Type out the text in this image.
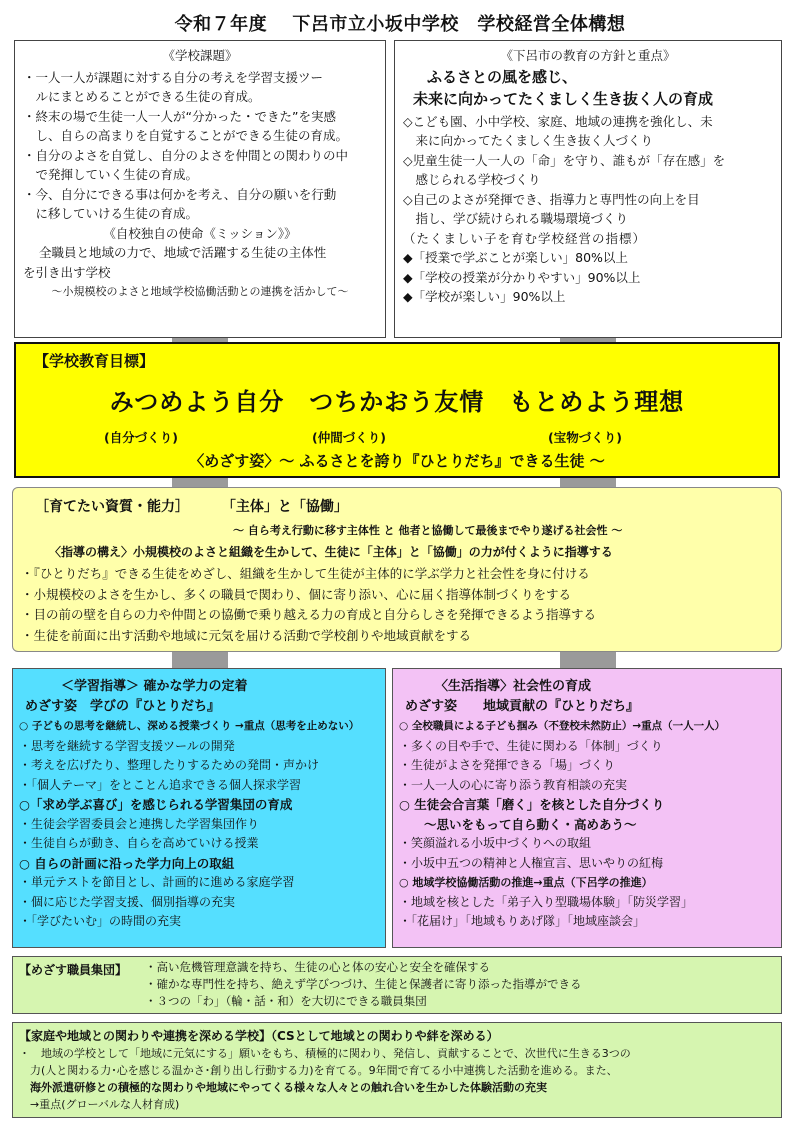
令和７年度　 下呂市立小坂中学校　学校経営全体構想
《学校課題》
・一人一人が課題に対する自分の考えを学習支援ツー
　ルにまとめることができる生徒の育成。
・終末の場で生徒一人一人が“分かった・できた”を実感
　し、自らの高まりを自覚することができる生徒の育成。
・自分のよさを自覚し、自分のよさを仲間との関わりの中
　で発揮していく生徒の育成。
・今、自分にできる事は何かを考え、自分の願いを行動
　に移していける生徒の育成。
《自校独自の使命《ミッション》》
全職員と地域の力で、地域で活躍する生徒の主体性
を引き出す学校
～小規模校のよさと地域学校協働活動との連携を活かして～
《下呂市の教育の方針と重点》
ふるさとの風を感じ、
未来に向かってたくましく生き抜く人の育成
◇こども園、小中学校、家庭、地域の連携を強化し、未
　来に向かってたくましく生き抜く人づくり
◇児童生徒一人一人の「命」を守り、誰もが「存在感」を
　感じられる学校づくり
◇自己のよさが発揮でき、指導力と専門性の向上を目
　指し、学び続けられる職場環境づくり
（たくましい子を育む学校経営の指標）
◆「授業で学ぶことが楽しい」80%以上
◆「学校の授業が分かりやすい」90%以上
◆「学校が楽しい」90%以上
【学校教育目標】
みつめよう自分　つちかおう友情　もとめよう理想
(自分づくり)	(仲間づくり)	(宝物づくり)
〈めざす姿〉～ ふるさとを誇り『ひとりだち』できる生徒 ～
［育てたい資質・能力］ 「主体」と「協働」
～ 自ら考え行動に移す主体性 と 他者と協働して最後までやり遂げる社会性 ～
〈指導の構え〉小規模校のよさと組織を生かして、生徒に「主体」と「協働」の力が付くように指導する
・『ひとりだち』できる生徒をめざし、組織を生かして生徒が主体的に学ぶ学力と社会性を身に付ける
・小規模校のよさを生かし、多くの職員で関わり、個に寄り添い、心に届く指導体制づくりをする
・目の前の壁を自らの力や仲間との協働で乗り越える力の育成と自分らしさを発揮できるよう指導する
・生徒を前面に出す活動や地域に元気を届ける活動で学校創りや地域貢献をする
＜学習指導＞ 確かな学力の定着
めざす姿　学びの『ひとりだち』
○ 子どもの思考を継続し、深める授業づくり →重点（思考を止めない）
・思考を継続する学習支援ツールの開発
・考えを広げたり、整理したりするための発問・声かけ
・「個人テーマ」をとことん追求できる個人探求学習
○「求め学ぶ喜び」を感じられる学習集団の育成
・生徒会学習委員会と連携した学習集団作り
・生徒自らが動き、自らを高めていける授業
○ 自らの計画に沿った学力向上の取組
・単元テストを節目とし、計画的に進める家庭学習
・個に応じた学習支援、個別指導の充実
・「学びたいむ」の時間の充実
〈生活指導〉社会性の育成
めざす姿　　地域貢献の『ひとりだち』
○ 全校職員による子ども掴み（不登校未然防止）→重点（一人一人）
・多くの目や手で、生徒に関わる「体制」づくり
・生徒がよさを発揮できる「場」づくり
・一人一人の心に寄り添う教育相談の充実
○ 生徒会合言葉「磨く」を核とした自分づくり
　　～思いをもって自ら動く・高めあう～
・笑顔溢れる小坂中づくりへの取組
・小坂中五つの精神と人権宣言、思いやりの紅梅
○ 地域学校協働活動の推進→重点（下呂学の推進）
・地域を核とした「弟子入り型職場体験」「防災学習」
・「花届け」「地域もりあげ隊」「地域座談会」
【めざす職員集団】 ・高い危機管理意識を持ち、生徒の心と体の安心と安全を確保する
・確かな専門性を持ち、絶えず学びつづけ、生徒と保護者に寄り添った指導ができる
・３つの「わ」（輪・話・和）を大切にできる職員集団
【家庭や地域との関わりや連携を深める学校】（CSとして地域との関わりや絆を深める）
・　地域の学校として「地域に元気にする」願いをもち、積極的に関わり、発信し、貢献することで、次世代に生きる3つの
　力(人と関わる力･心を感じる温かさ･創り出し行動する力)を育てる。9年間で育てる小中連携した活動を進める。また、
　海外派遣研修との積極的な関わりや地域にやってくる様々な人々との触れ合いを生かした体験活動の充実
　→重点(グローバルな人材育成)
